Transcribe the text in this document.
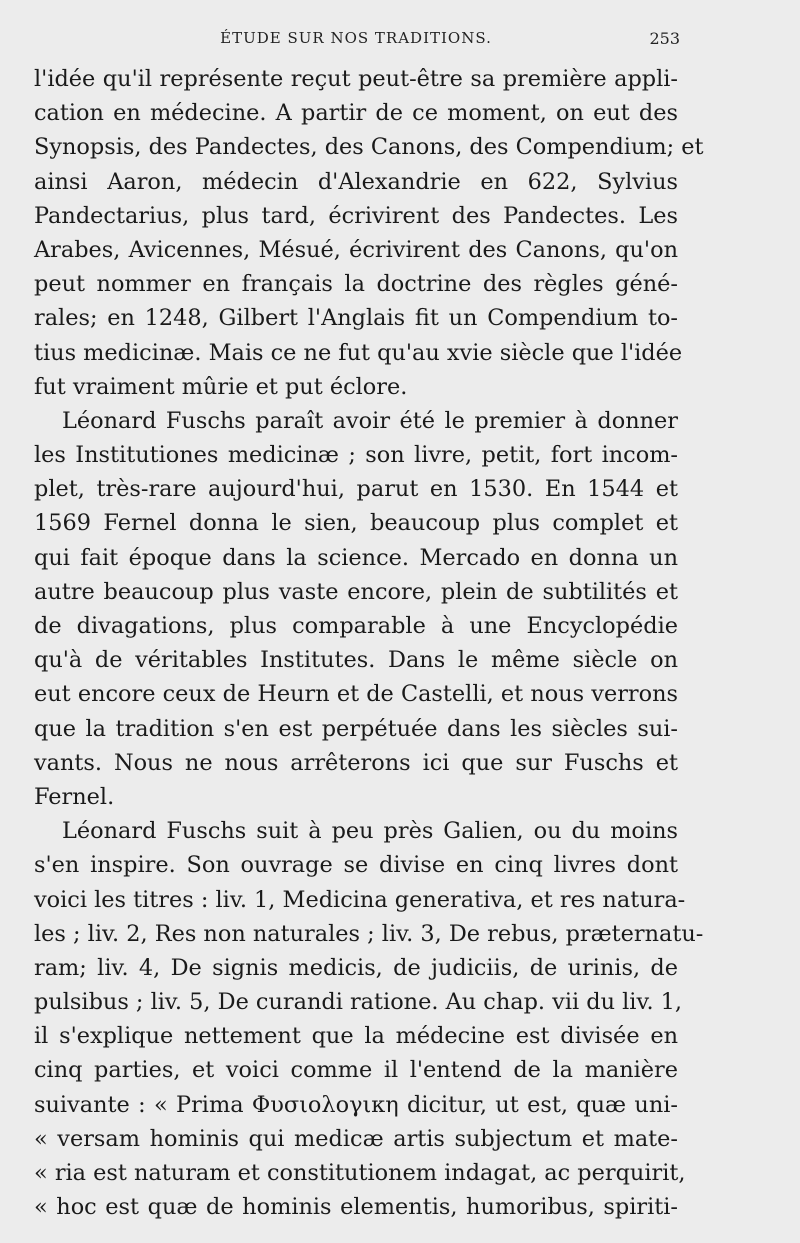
ÉTUDE SUR NOS TRADITIONS.	253
l'idée qu'il représente reçut peut-être sa première appli-
cation en médecine. A partir de ce moment, on eut des
Synopsis, des Pandectes, des Canons, des Compendium; et
ainsi Aaron, médecin d'Alexandrie en 622, Sylvius
Pandectarius, plus tard, écrivirent des Pandectes. Les
Arabes, Avicennes, Mésué, écrivirent des Canons, qu'on
peut nommer en français la doctrine des règles géné-
rales; en 1248, Gilbert l'Anglais fit un Compendium to-
tius medicinæ. Mais ce ne fut qu'au xvie siècle que l'idée
fut vraiment mûrie et put éclore.
Léonard Fuschs paraît avoir été le premier à donner
les Institutiones medicinæ ; son livre, petit, fort incom-
plet, très-rare aujourd'hui, parut en 1530. En 1544 et
1569 Fernel donna le sien, beaucoup plus complet et
qui fait époque dans la science. Mercado en donna un
autre beaucoup plus vaste encore, plein de subtilités et
de divagations, plus comparable à une Encyclopédie
qu'à de véritables Institutes. Dans le même siècle on
eut encore ceux de Heurn et de Castelli, et nous verrons
que la tradition s'en est perpétuée dans les siècles sui-
vants. Nous ne nous arrêterons ici que sur Fuschs et
Fernel.
Léonard Fuschs suit à peu près Galien, ou du moins
s'en inspire. Son ouvrage se divise en cinq livres dont
voici les titres : liv. 1, Medicina generativa, et res natura-
les ; liv. 2, Res non naturales ; liv. 3, De rebus, præternatu-
ram; liv. 4, De signis medicis, de judiciis, de urinis, de
pulsibus ; liv. 5, De curandi ratione. Au chap. vii du liv. 1,
il s'explique nettement que la médecine est divisée en
cinq parties, et voici comme il l'entend de la manière
suivante : « Prima Φυσιολογικη dicitur, ut est, quæ uni-
« versam hominis qui medicæ artis subjectum et mate-
« ria est naturam et constitutionem indagat, ac perquirit,
« hoc est quæ de hominis elementis, humoribus, spiriti-
